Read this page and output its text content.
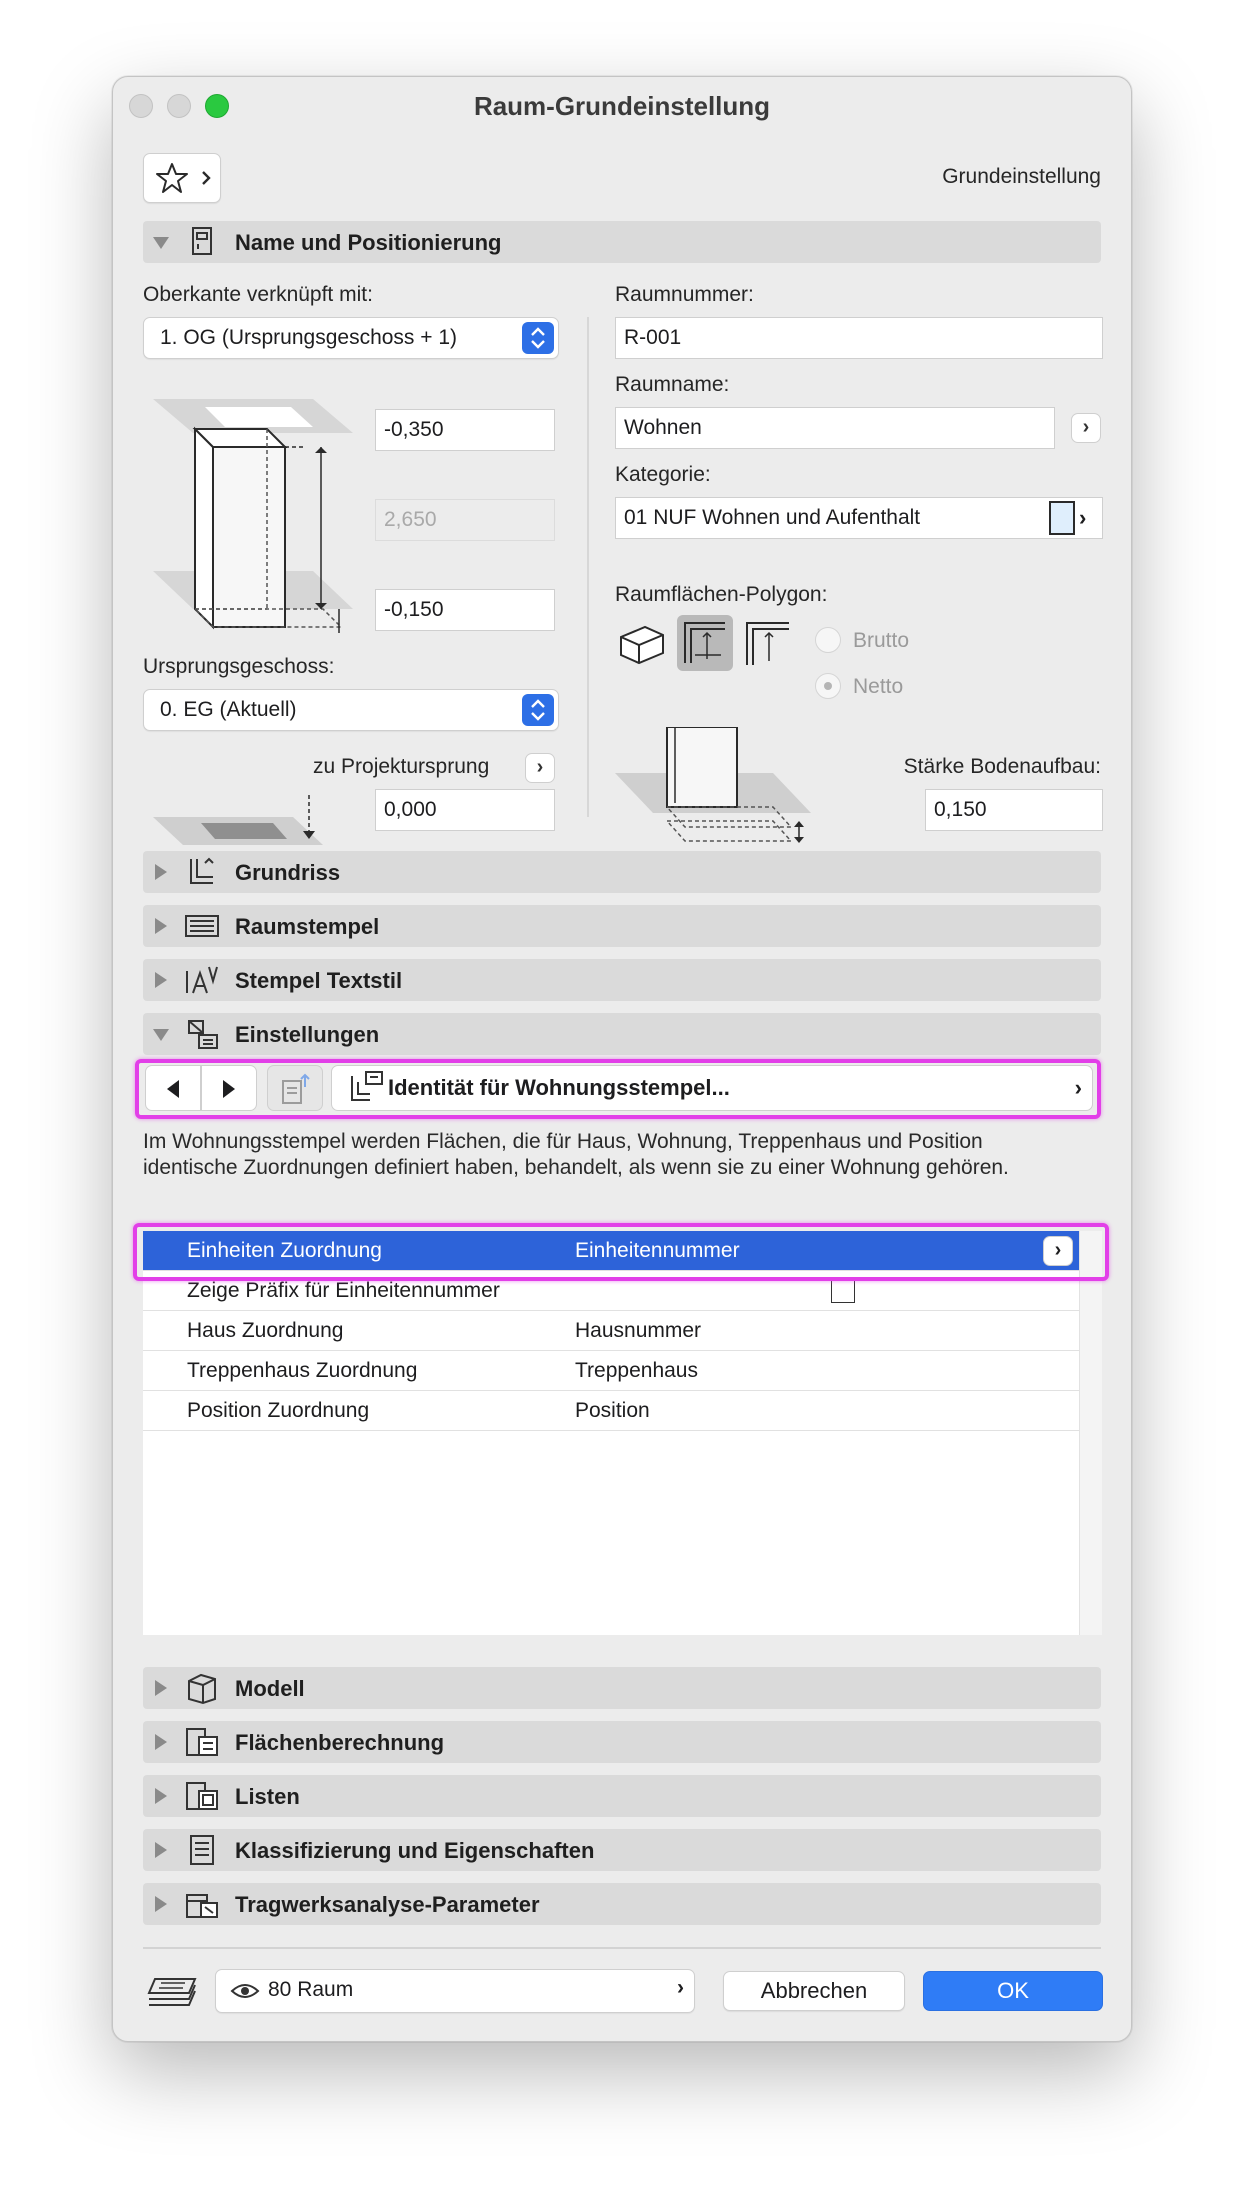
Raum-Grundeinstellung
Grundeinstellung
Name und Positionierung
Oberkante verknüpft mit:
1. OG (Ursprungsgeschoss + 1)
-0,350
2,650
-0,150
Ursprungsgeschoss:
0. EG (Aktuell)
zu Projektursprung	›
0,000
Raumnummer:
R-001
Raumname:
Wohnen	›
Kategorie:
01 NUF Wohnen und Aufenthalt	›
Raumflächen-Polygon:
Brutto
Netto
Stärke Bodenaufbau:
0,150
Grundriss
Raumstempel
Stempel Textstil
Einstellungen
Identität für Wohnungsstempel...	›
Im Wohnungsstempel werden Flächen, die für Haus, Wohnung, Treppenhaus und Position identische Zuordnungen definiert haben, behandelt, als wenn sie zu einer Wohnung gehören.
Einheiten Zuordnung	Einheitennummer	›
Zeige Präfix für Einheitennummer
Haus Zuordnung	Hausnummer
Treppenhaus Zuordnung	Treppenhaus
Position Zuordnung	Position
Modell
Flächenberechnung
Listen
Klassifizierung und Eigenschaften
Tragwerksanalyse-Parameter
80 Raum	›	Abbrechen	OK
